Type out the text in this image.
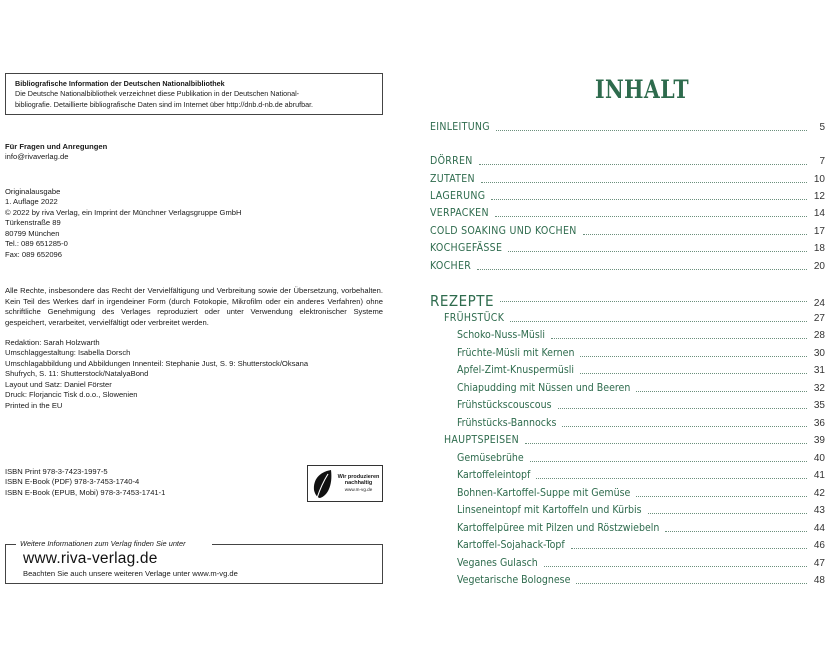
Bibliografische Information der Deutschen Nationalbibliothek
Die Deutsche Nationalbibliothek verzeichnet diese Publikation in der Deutschen National-
bibliografie. Detaillierte bibliografische Daten sind im Internet über http://dnb.d-nb.de abrufbar.
Für Fragen und Anregungen
info@rivaverlag.de
Originalausgabe
1. Auflage 2022
© 2022 by riva Verlag, ein Imprint der Münchner Verlagsgruppe GmbH
Türkenstraße 89
80799 München
Tel.: 089 651285-0
Fax: 089 652096
Alle Rechte, insbesondere das Recht der Vervielfältigung und Verbreitung sowie der Übersetzung, vorbehalten. Kein Teil des Werkes darf in irgendeiner Form (durch Fotokopie, Mikrofilm oder ein anderes Verfahren) ohne schriftliche Genehmigung des Verlages reproduziert oder unter Verwendung elektronischer Systeme gespeichert, verarbeitet, vervielfältigt oder verbreitet werden.
Redaktion: Sarah Holzwarth
Umschlaggestaltung: Isabella Dorsch
Umschlagabbildung und Abbildungen Innenteil: Stephanie Just, S. 9: Shutterstock/Oksana
Shufrych, S. 11: Shutterstock/NatalyaBond
Layout und Satz: Daniel Förster
Druck: Florjancic Tisk d.o.o., Slowenien
Printed in the EU
ISBN Print 978-3-7423-1997-5
ISBN E-Book (PDF) 978-3-7453-1740-4
ISBN E-Book (EPUB, Mobi) 978-3-7453-1741-1
Wir produzieren
nachhaltig
www.m-vg.de
Weitere Informationen zum Verlag finden Sie unter
www.riva-verlag.de
Beachten Sie auch unsere weiteren Verlage unter www.m-vg.de
INHALT
EINLEITUNG	5
DÖRREN	7
ZUTATEN	10
LAGERUNG	12
VERPACKEN	14
COLD SOAKING UND KOCHEN	17
KOCHGEFÄSSE	18
KOCHER	20
REZEPTE	24
FRÜHSTÜCK	27
Schoko-Nuss-Müsli	28
Früchte-Müsli mit Kernen	30
Apfel-Zimt-Knuspermüsli	31
Chiapudding mit Nüssen und Beeren	32
Frühstückscouscous	35
Frühstücks-Bannocks	36
HAUPTSPEISEN	39
Gemüsebrühe	40
Kartoffeleintopf	41
Bohnen-Kartoffel-Suppe mit Gemüse	42
Linseneintopf mit Kartoffeln und Kürbis	43
Kartoffelpüree mit Pilzen und Röstzwiebeln	44
Kartoffel-Sojahack-Topf	46
Veganes Gulasch	47
Vegetarische Bolognese	48
